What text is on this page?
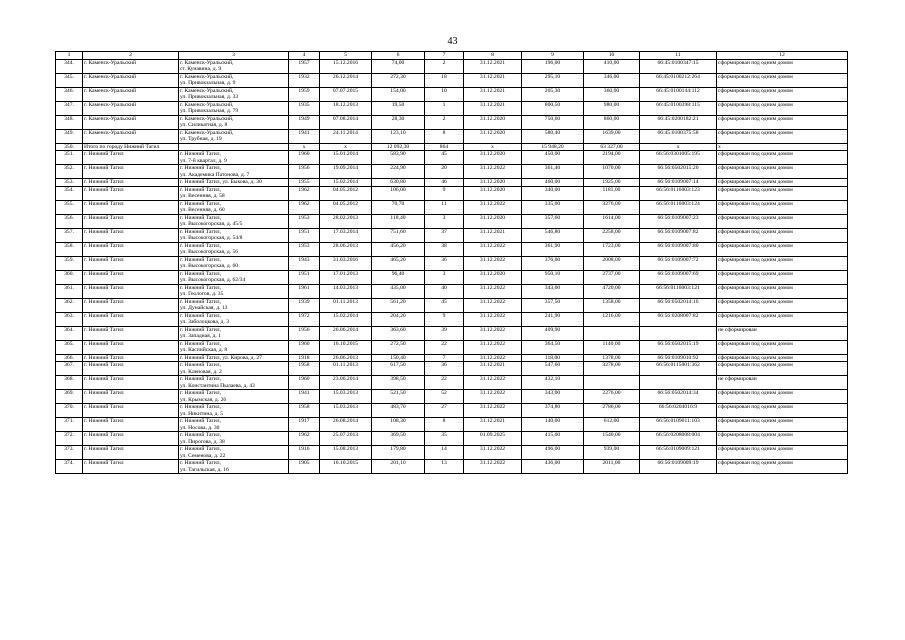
43
1	2	3	4	5	6	7	8	9	10	11	12
344.	г. Каменск-Уральский	г. Каменск-Уральский,
ст. Кунавина, д. 9	1957	15.12.2016	74,00	2	31.12.2021	196,00	410,00	66:45:0100347:15	сформирован под одним домом
345.	г. Каменск-Уральский	г. Каменск-Уральский,
ул. Привокзальная, д. 9	1932	26.12.2014	272,30	18	31.12.2021	295,10	346,00	66:45:0100212:264	сформирован под одним домом
346.	г. Каменск-Уральский	г. Каменск-Уральский,
ул. Привокзальная, д. 33	1959	07.07.2015	154,00	10	31.12.2021	205,30	360,00	66:45:0100144:112	сформирован под одним домом
347.	г. Каменск-Уральский	г. Каменск-Уральский,
ул. Привокзальная, д. 79	1935	18.12.2013	19,50	1	31.12.2021	800,50	980,00	66:45:0100398:115	сформирован под одним домом
348.	г. Каменск-Уральский	г. Каменск-Уральский,
ул. Силикатная, д. 8	1949	07.08.2014	28,30	2	31.12.2020	750,60	860,00	66:45:0200182:21	сформирован под одним домом
349.	г. Каменск-Уральский	г. Каменск-Уральский,
ул. Трубная, д. 19	1941	24.11.2014	123,10	8	31.12.2020	580,40	1639,00	66:45:0100375:58	сформирован под одним домом
350.	Итого по городу Нижний Тагил		x	x	12 092,30	864	x	15 948,20	63 327,00	x	x
351.	г. Нижний Тагил	г. Нижний Тагил,
ул. 7-й квартал, д. 9	1960	15.01.2014	583,90	45	31.12.2020	450,00	2194,00	66:56:0301005:195	сформирован под одним домом
352.	г. Нижний Тагил	г. Нижний Тагил,
ул. Академика Патонова, д. 7	1956	19.09.2014	224,90	20	31.12.2022	361,40	1070,00	66:56:0502015:20	сформирован под одним домом
353.	г. Нижний Тагил	г. Нижний Тагил, ул. Быкова, д. 30	1955	15.02.2014	630,80	46	31.12.2020	460,00	1925,00	66:56:0109007:14	сформирован под одним домом
354.	г. Нижний Тагил	г. Нижний Тагил,
ул. Весенняя, д. 58	1962	04.05.2012	106,00	9	31.12.2020	340,00	1181,00	66:56:0116003:123	сформирован под одним домом
355.	г. Нижний Тагил	г. Нижний Тагил,
ул. Весенняя, д. 60	1962	04.05.2012	70,70	11	31.12.2022	335,00	3276,00	66:56:0116003:124	сформирован под одним домом
356.	г. Нижний Тагил	г. Нижний Тагил,
ул. Высокогорская, д. 45/5	1953	28.02.2013	118,40	3	31.12.2020	357,60	1614,00	66:56:0109007:23	сформирован под одним домом
357.	г. Нижний Тагил	г. Нижний Тагил,
ул. Высокогорская, д. 54/8	1951	17.03.2014	751,60	37	31.12.2021	546,80	2258,00	66:56:0109007:82	сформирован под одним домом
358.	г. Нижний Тагил	г. Нижний Тагил,
ул. Высокогорская, д. 56	1953	28.06.2013	456,20	38	31.12.2022	361,90	1723,00	66:56:0109007:80	сформирован под одним домом
359.	г. Нижний Тагил	г. Нижний Тагил,
ул. Высокогорская, д. 60	1943	31.03.2016	465,20	36	31.12.2022	376,00	2008,00	66:56:0109007:72	сформирован под одним домом
360.	г. Нижний Тагил	г. Нижний Тагил,
ул. Высокогорская, д. 62/34	1951	17.01.2013	96,40	3	31.12.2020	950,10	2737,00	66:56:0109007:69	сформирован под одним домом
361.	г. Нижний Тагил	г. Нижний Тагил,
ул. Геологов, д. 35	1961	14.03.2013	435,00	40	31.12.2022	343,00	4720,00	66:56:0116003:121	сформирован под одним домом
362.	г. Нижний Тагил	г. Нижний Тагил,
ул. Дунайская, д. 13	1939	01.11.2013	561,20	45	31.12.2022	357,50	1358,00	66:56:0502014:16	сформирован под одним домом
363.	г. Нижний Тагил	г. Нижний Тагил,
ул. Заболоцкова, д. 3	1972	15.02.2014	204,20	9	31.12.2022	241,90	1216,00	66:56:0208007:82	сформирован под одним домом
364.	г. Нижний Тагил	г. Нижний Тагил,
ул. Западная, д. 1	1956	26.06.2014	363,60	39	31.12.2022	409,90			не сформирован
365.	г. Нижний Тагил	г. Нижний Тагил,
ул. Каспийская, д. 8	1960	16.10.2015	272,50	22	31.12.2022	364,50	1140,00	66:56:0502015:19	сформирован под одним домом
366.	г. Нижний Тагил	г. Нижний Тагил, ул. Кирова, д. 27	1918	26.06.2013	150,40	7	31.12.2022	118,00	1378,00	66:56:0109010:92	сформирован под одним домом
367.	г. Нижний Тагил	г. Нижний Тагил,
ул. Кленовая, д. 2	1958	01.11.2013	617,50	36	31.12.2021	547,60	3278,00	66:56:0115001:362	сформирован под одним домом
368.	г. Нижний Тагил	г. Нижний Тагил,
ул. Константина Пылаева, д. 43	1960	23.06.2014	398,50	22	31.12.2022	432,10			не сформирован
369.	г. Нижний Тагил	г. Нижний Тагил,
ул. Крымская, д. 26	1941	15.03.2013	521,50	52	31.12.2022	343,00	2276,00	66:56:0502014:34	сформирован под одним домом
370.	г. Нижний Тагил	г. Нижний Тагил,
ул. Никитина, д. 5	1958	15.03.2013	483,70	27	31.12.2022	374,80	2786,00	66:56:0204016:9	сформирован под одним домом
371.	г. Нижний Тагил	г. Нижний Тагил,
ул. Носова, д. 30	1917	26.08.2014	108,30	8	31.12.2021	140,00	612,00	66:56:0109011:103	сформирован под одним домом
372.	г. Нижний Тагил	г. Нижний Тагил,
ул. Пирогова, д. 38	1962	25.07.2013	369,50	35	01.09.2025	415,00	1540,00	66:56:0208008:004	сформирован под одним домом
373.	г. Нижний Тагил	г. Нижний Тагил,
ул. Семенова, д. 22	1916	15.08.2013	179,80	14	31.12.2022	496,00	939,00	66:56:0109009:121	сформирован под одним домом
374.	г. Нижний Тагил	г. Нижний Тагил,
ул. Тагильская, д. 16	1905	16.10.2015	201,10	13	31.12.2022	436,00	2011,00	66:56:0109009:19	сформирован под одним домом
